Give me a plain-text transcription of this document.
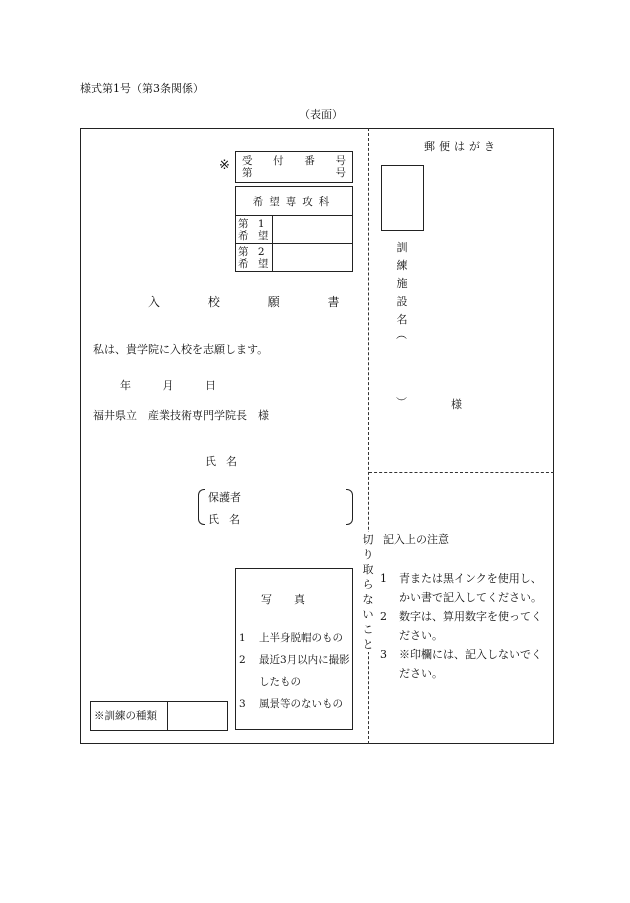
様式第1号（第3条関係）
（表面）
※ 受 付 番 号
第	号
希望専攻科	

第 1
希 望	

第 2
希 望	

入	校	願	書
私は、貴学院に入校を志願します。
年	月	日
福井県立　産業技術専門学院長　様
氏名
保護者
氏名
写真
1	上半身脱帽のもの
2	最近3月以内に撮影したもの
3	風景等のないもの
※訓練の種類
切
り
取
ら
な
い
こ
と
郵便はがき
訓
練
施
設
名
︵
︶	様
記入上の注意
1	青または黒インクを使用し、かい書で記入してください。
2	数字は、算用数字を使ってください。
3	※印欄には、記入しないでください。
